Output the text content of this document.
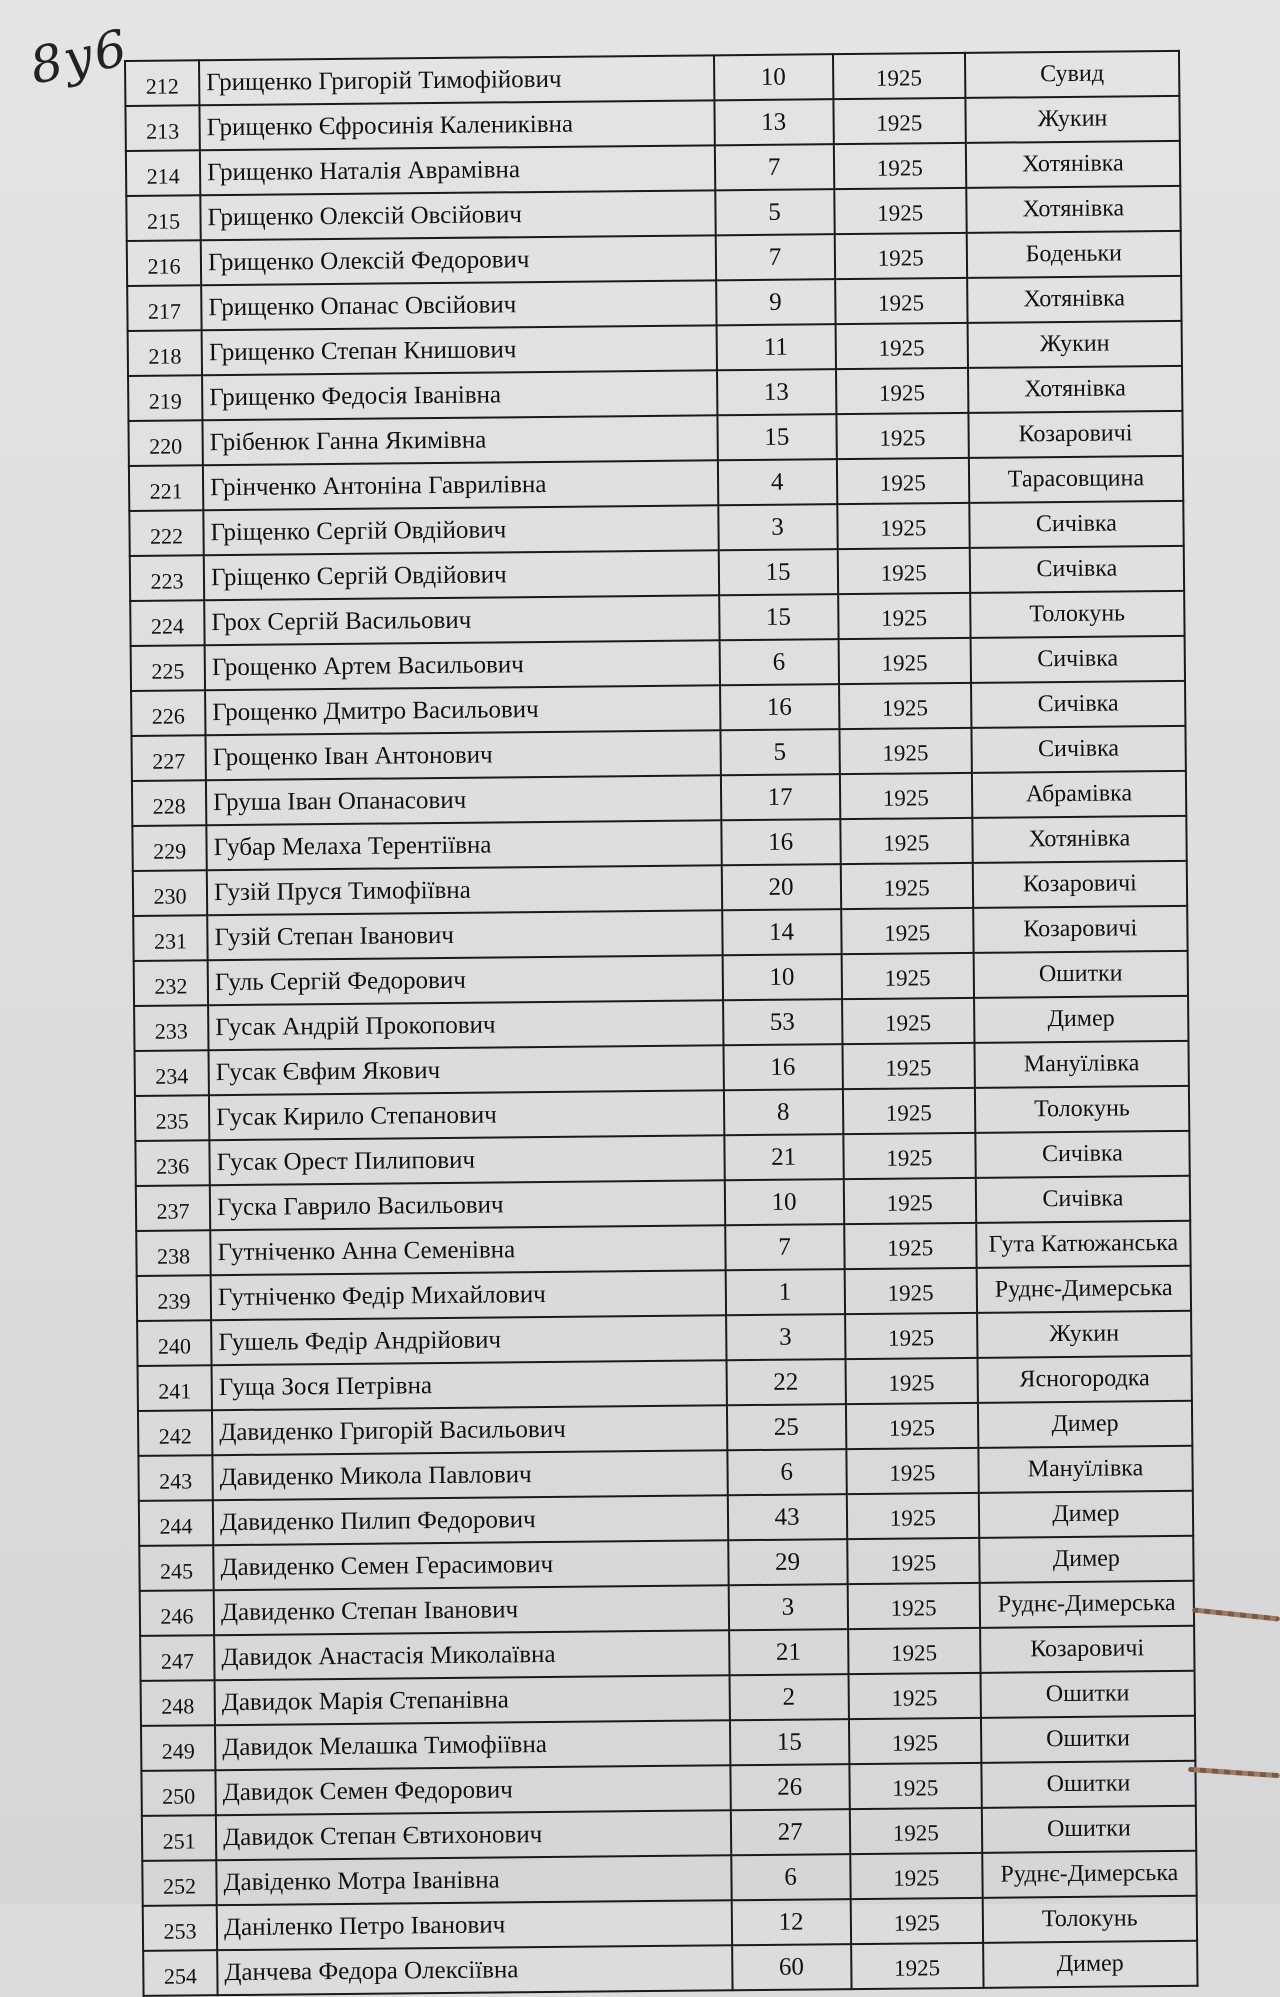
8у6 212	Грищенко Григорій Тимофійович	10	1925	Сувид
213	Грищенко Єфросинія Калениківна	13	1925	Жукин
214	Грищенко Наталія Аврамівна	7	1925	Хотянівка
215	Грищенко Олексій Овсійович	5	1925	Хотянівка
216	Грищенко Олексій Федорович	7	1925	Боденьки
217	Грищенко Опанас Овсійович	9	1925	Хотянівка
218	Грищенко Степан Книшович	11	1925	Жукин
219	Грищенко Федосія Іванівна	13	1925	Хотянівка
220	Грібенюк Ганна Якимівна	15	1925	Козаровичі
221	Грінченко Антоніна Гаврилівна	4	1925	Тарасовщина
222	Гріщенко Сергій Овдійович	3	1925	Сичівка
223	Гріщенко Сергій Овдійович	15	1925	Сичівка
224	Грох Сергій Васильович	15	1925	Толокунь
225	Грощенко Артем Васильович	6	1925	Сичівка
226	Грощенко Дмитро Васильович	16	1925	Сичівка
227	Грощенко Іван Антонович	5	1925	Сичівка
228	Груша Іван Опанасович	17	1925	Абрамівка
229	Губар Мелаха Терентіївна	16	1925	Хотянівка
230	Гузій Пруся Тимофіївна	20	1925	Козаровичі
231	Гузій Степан Іванович	14	1925	Козаровичі
232	Гуль Сергій Федорович	10	1925	Ошитки
233	Гусак Андрій Прокопович	53	1925	Димер
234	Гусак Євфим Якович	16	1925	Мануїлівка
235	Гусак Кирило Степанович	8	1925	Толокунь
236	Гусак Орест Пилипович	21	1925	Сичівка
237	Гуска Гаврило Васильович	10	1925	Сичівка
238	Гутніченко Анна Семенівна	7	1925	Гута Катюжанська
239	Гутніченко Федір Михайлович	1	1925	Руднє-Димерська
240	Гушель Федір Андрійович	3	1925	Жукин
241	Гуща Зося Петрівна	22	1925	Ясногородка
242	Давиденко Григорій Васильович	25	1925	Димер
243	Давиденко Микола Павлович	6	1925	Мануїлівка
244	Давиденко Пилип Федорович	43	1925	Димер
245	Давиденко Семен Герасимович	29	1925	Димер
246	Давиденко Степан Іванович	3	1925	Руднє-Димерська
247	Давидок Анастасія Миколаївна	21	1925	Козаровичі
248	Давидок Марія Степанівна	2	1925	Ошитки
249	Давидок Мелашка Тимофіївна	15	1925	Ошитки
250	Давидок Семен Федорович	26	1925	Ошитки
251	Давидок Степан Євтихонович	27	1925	Ошитки
252	Давіденко Мотра Іванівна	6	1925	Руднє-Димерська
253	Даніленко Петро Іванович	12	1925	Толокунь
254	Данчева Федора Олексіївна	60	1925	Димер
